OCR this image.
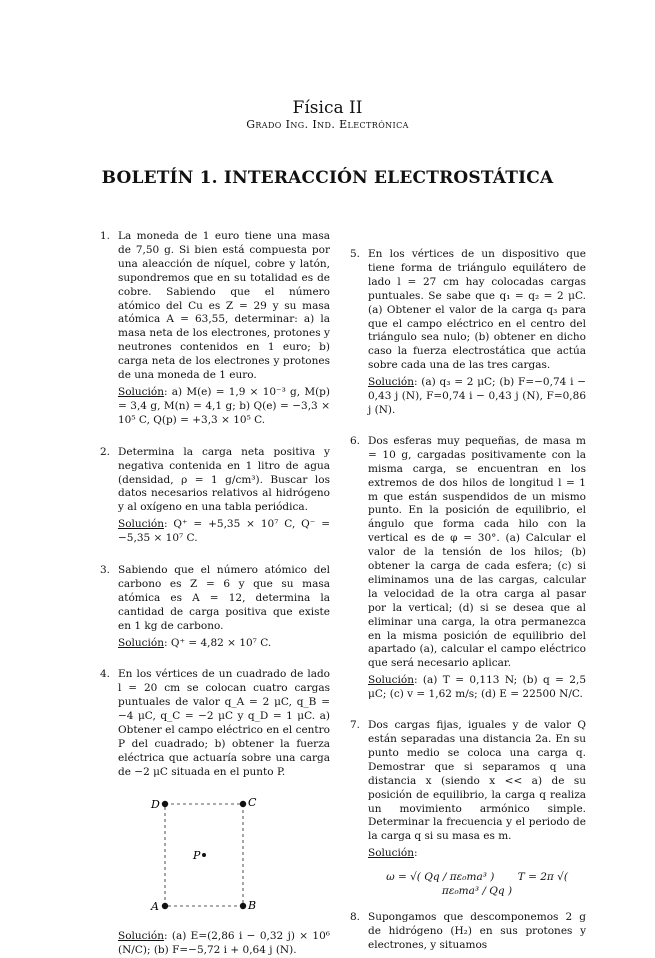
Física II
Grado Ing. Ind. Electrónica
BOLETÍN 1. INTERACCIÓN ELECTROSTÁTICA
1. La moneda de 1 euro tiene una masa de 7,50 g. Si bien está compuesta por una aleacción de níquel, cobre y latón, supondremos que en su totalidad es de cobre. Sabiendo que el número atómico del Cu es Z = 29 y su masa atómica A = 63,55, determinar: a) la masa neta de los electrones, protones y neutrones contenidos en 1 euro; b) carga neta de los electrones y protones de una moneda de 1 euro.
Solución: a) M(e) = 1,9 × 10⁻³ g, M(p) = 3,4 g, M(n) = 4,1 g; b) Q(e) = −3,3 × 10⁵ C, Q(p) = +3,3 × 10⁵ C.
2. Determina la carga neta positiva y negativa contenida en 1 litro de agua (densidad, ρ = 1 g/cm³). Buscar los datos necesarios relativos al hidrógeno y al oxígeno en una tabla periódica.
Solución: Q⁺ = +5,35 × 10⁷ C, Q⁻ = −5,35 × 10⁷ C.
3. Sabiendo que el número atómico del carbono es Z = 6 y que su masa atómica es A = 12, determina la cantidad de carga positiva que existe en 1 kg de carbono.
Solución: Q⁺ = 4,82 × 10⁷ C.
4. En los vértices de un cuadrado de lado l = 20 cm se colocan cuatro cargas puntuales de valor q_A = 2 μC, q_B = −4 μC, q_C = −2 μC y q_D = 1 μC. a) Obtener el campo eléctrico en el centro P del cuadrado; b) obtener la fuerza eléctrica que actuaría sobre una carga de −2 μC situada en el punto P.
D	C
A	B
P
Solución: (a) E=(2,86 i − 0,32 j) × 10⁶ (N/C); (b) F=−5,72 i + 0,64 j (N).
5. En los vértices de un dispositivo que tiene forma de triángulo equilátero de lado l = 27 cm hay colocadas cargas puntuales. Se sabe que q₁ = q₂ = 2 μC. (a) Obtener el valor de la carga q₃ para que el campo eléctrico en el centro del triángulo sea nulo; (b) obtener en dicho caso la fuerza electrostática que actúa sobre cada una de las tres cargas.
Solución: (a) q₃ = 2 μC; (b) F=−0,74 i − 0,43 j (N), F=0,74 i − 0,43 j (N), F=0,86 j (N).
6. Dos esferas muy pequeñas, de masa m = 10 g, cargadas positivamente con la misma carga, se encuentran en los extremos de dos hilos de longitud l = 1 m que están suspendidos de un mismo punto. En la posición de equilibrio, el ángulo que forma cada hilo con la vertical es de φ = 30°. (a) Calcular el valor de la tensión de los hilos; (b) obtener la carga de cada esfera; (c) si eliminamos una de las cargas, calcular la velocidad de la otra carga al pasar por la vertical; (d) si se desea que al eliminar una carga, la otra permanezca en la misma posición de equilibrio del apartado (a), calcular el campo eléctrico que será necesario aplicar.
Solución: (a) T = 0,113 N; (b) q = 2,5 μC; (c) v = 1,62 m/s; (d) E = 22500 N/C.
7. Dos cargas fijas, iguales y de valor Q están separadas una distancia 2a. En su punto medio se coloca una carga q. Demostrar que si separamos q una distancia x (siendo x << a) de su posición de equilibrio, la carga q realiza un movimiento armónico simple. Determinar la frecuencia y el periodo de la carga q si su masa es m.
Solución:
ω = √( Qq / πε₀ma³ ) T = 2π √( πε₀ma³ / Qq )
8. Supongamos que descomponemos 2 g de hidrógeno (H₂) en sus protones y electrones, y situamos
